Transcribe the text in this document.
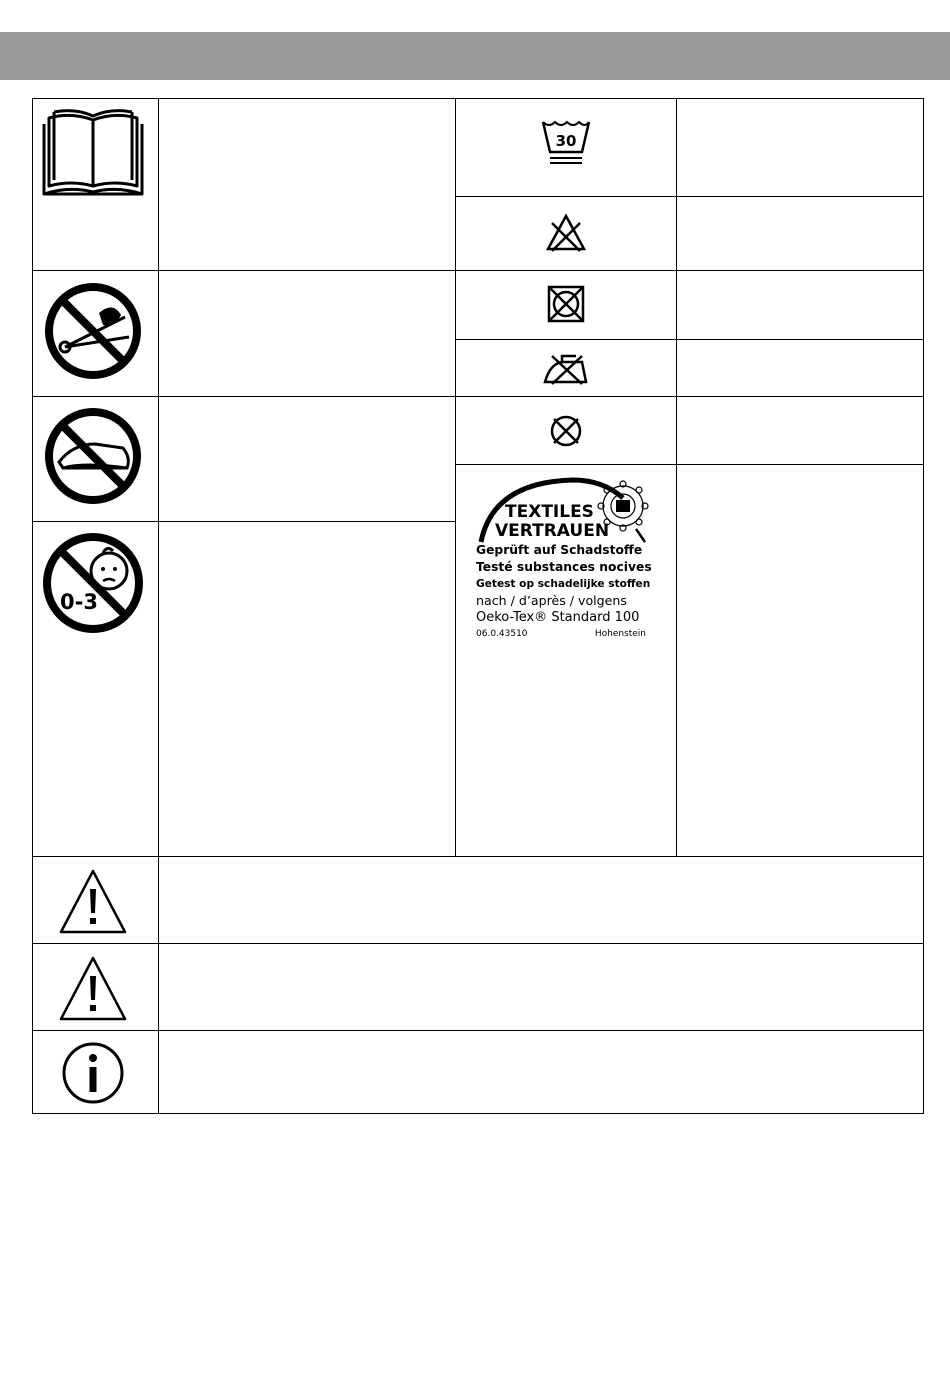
0-3
30
TEXTILES
VERTRAUEN
Geprüft auf Schadstoffe
Testé substances nocives
Getest op schadelijke stoffen
nach / d’après / volgens
Oeko-Tex® Standard 100
06.0.43510	Hohenstein
